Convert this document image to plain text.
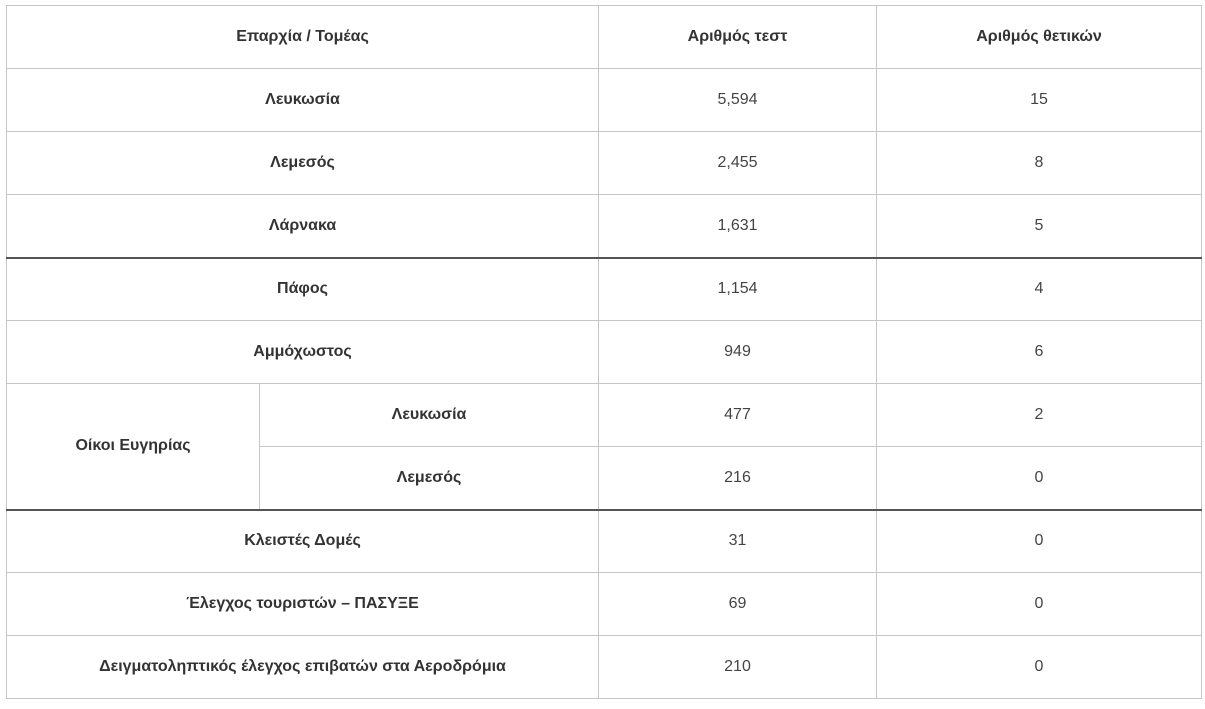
Επαρχία / Τομέας		Αριθμός τεστ	Αριθμός θετικών
Λευκωσία		5,594	15
Λεμεσός		2,455	8
Λάρνακα		1,631	5
Πάφος		1,154	4
Αμμόχωστος		949	6
Οίκοι Ευγηρίας	Λευκωσία	477	2
	Λεμεσός	216	0
Κλειστές Δομές		31	0
Έλεγχος τουριστών – ΠΑΣΥΞΕ		69	0
Δειγματοληπτικός έλεγχος επιβατών στα Αεροδρόμια		210	0
